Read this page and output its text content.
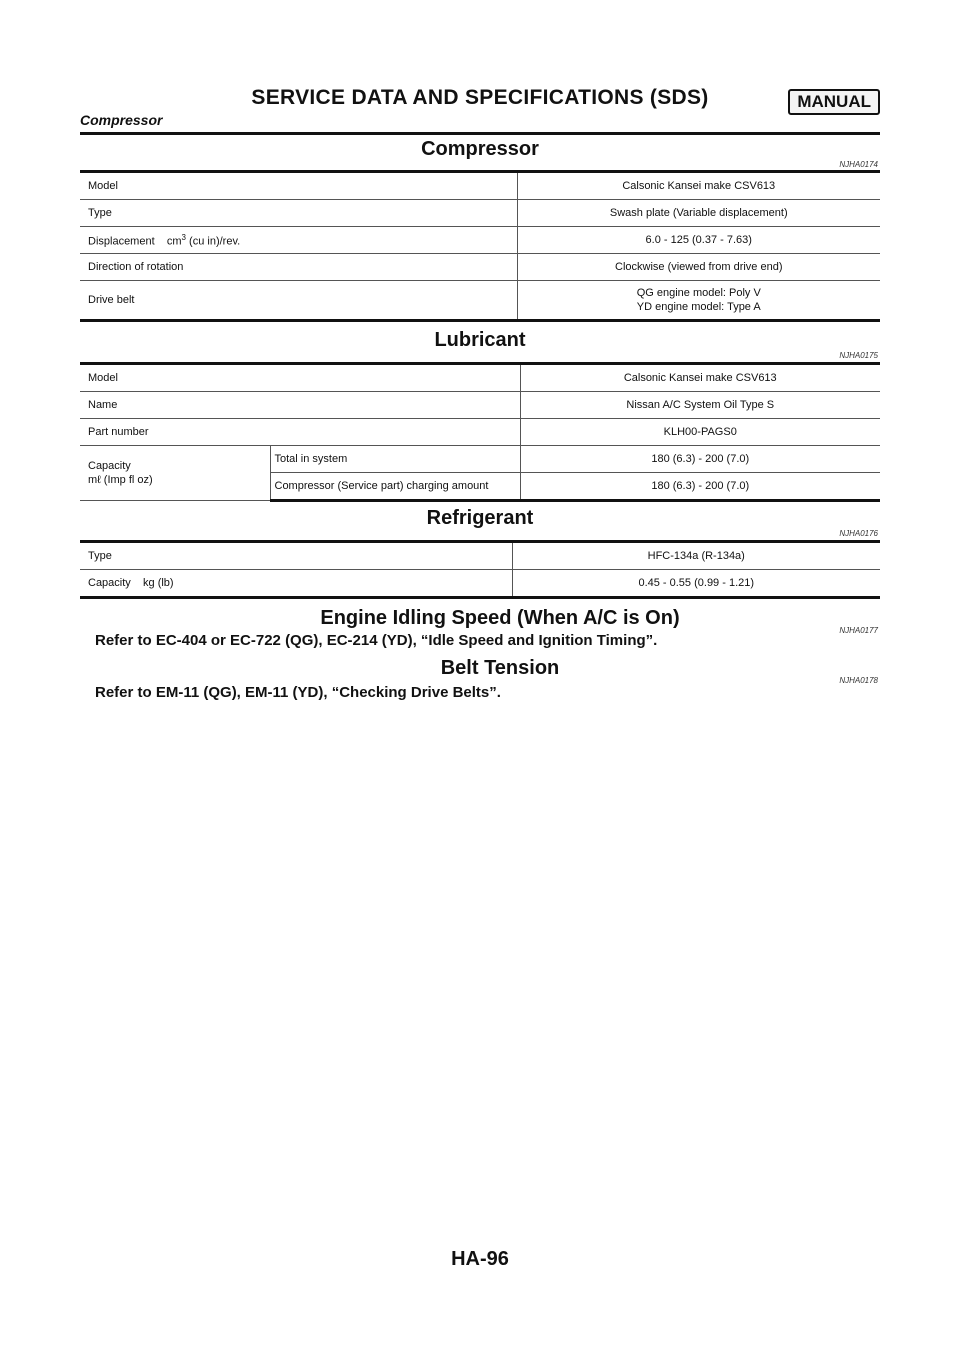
SERVICE DATA AND SPECIFICATIONS (SDS)	MANUAL
Compressor
Compressor
NJHA0174
Model	Calsonic Kansei make CSV613
Type	Swash plate (Variable displacement)
Displacement    $cm^3$ (cu in)/rev.	6.0 - 125 (0.37 - 7.63)
Direction of rotation	Clockwise (viewed from drive end)
Drive belt	QG engine model: Poly V
YD engine model: Type A
Lubricant
NJHA0175
Model		Calsonic Kansei make CSV613
Name		Nissan A/C System Oil Type S
Part number		KLH00-PAGS0
Capacity
mℓ (Imp fl oz)	Total in system	180 (6.3) - 200 (7.0)
	Compressor (Service part) charging amount	180 (6.3) - 200 (7.0)
Refrigerant
NJHA0176
Type	HFC-134a (R-134a)
Capacity    kg (lb)	0.45 - 0.55 (0.99 - 1.21)
Engine Idling Speed (When A/C is On)
NJHA0177
Refer to EC-404 or EC-722 (QG), EC-214 (YD), “Idle Speed and Ignition Timing”.
Belt Tension
NJHA0178
Refer to EM-11 (QG), EM-11 (YD), “Checking Drive Belts”.
HA-96
